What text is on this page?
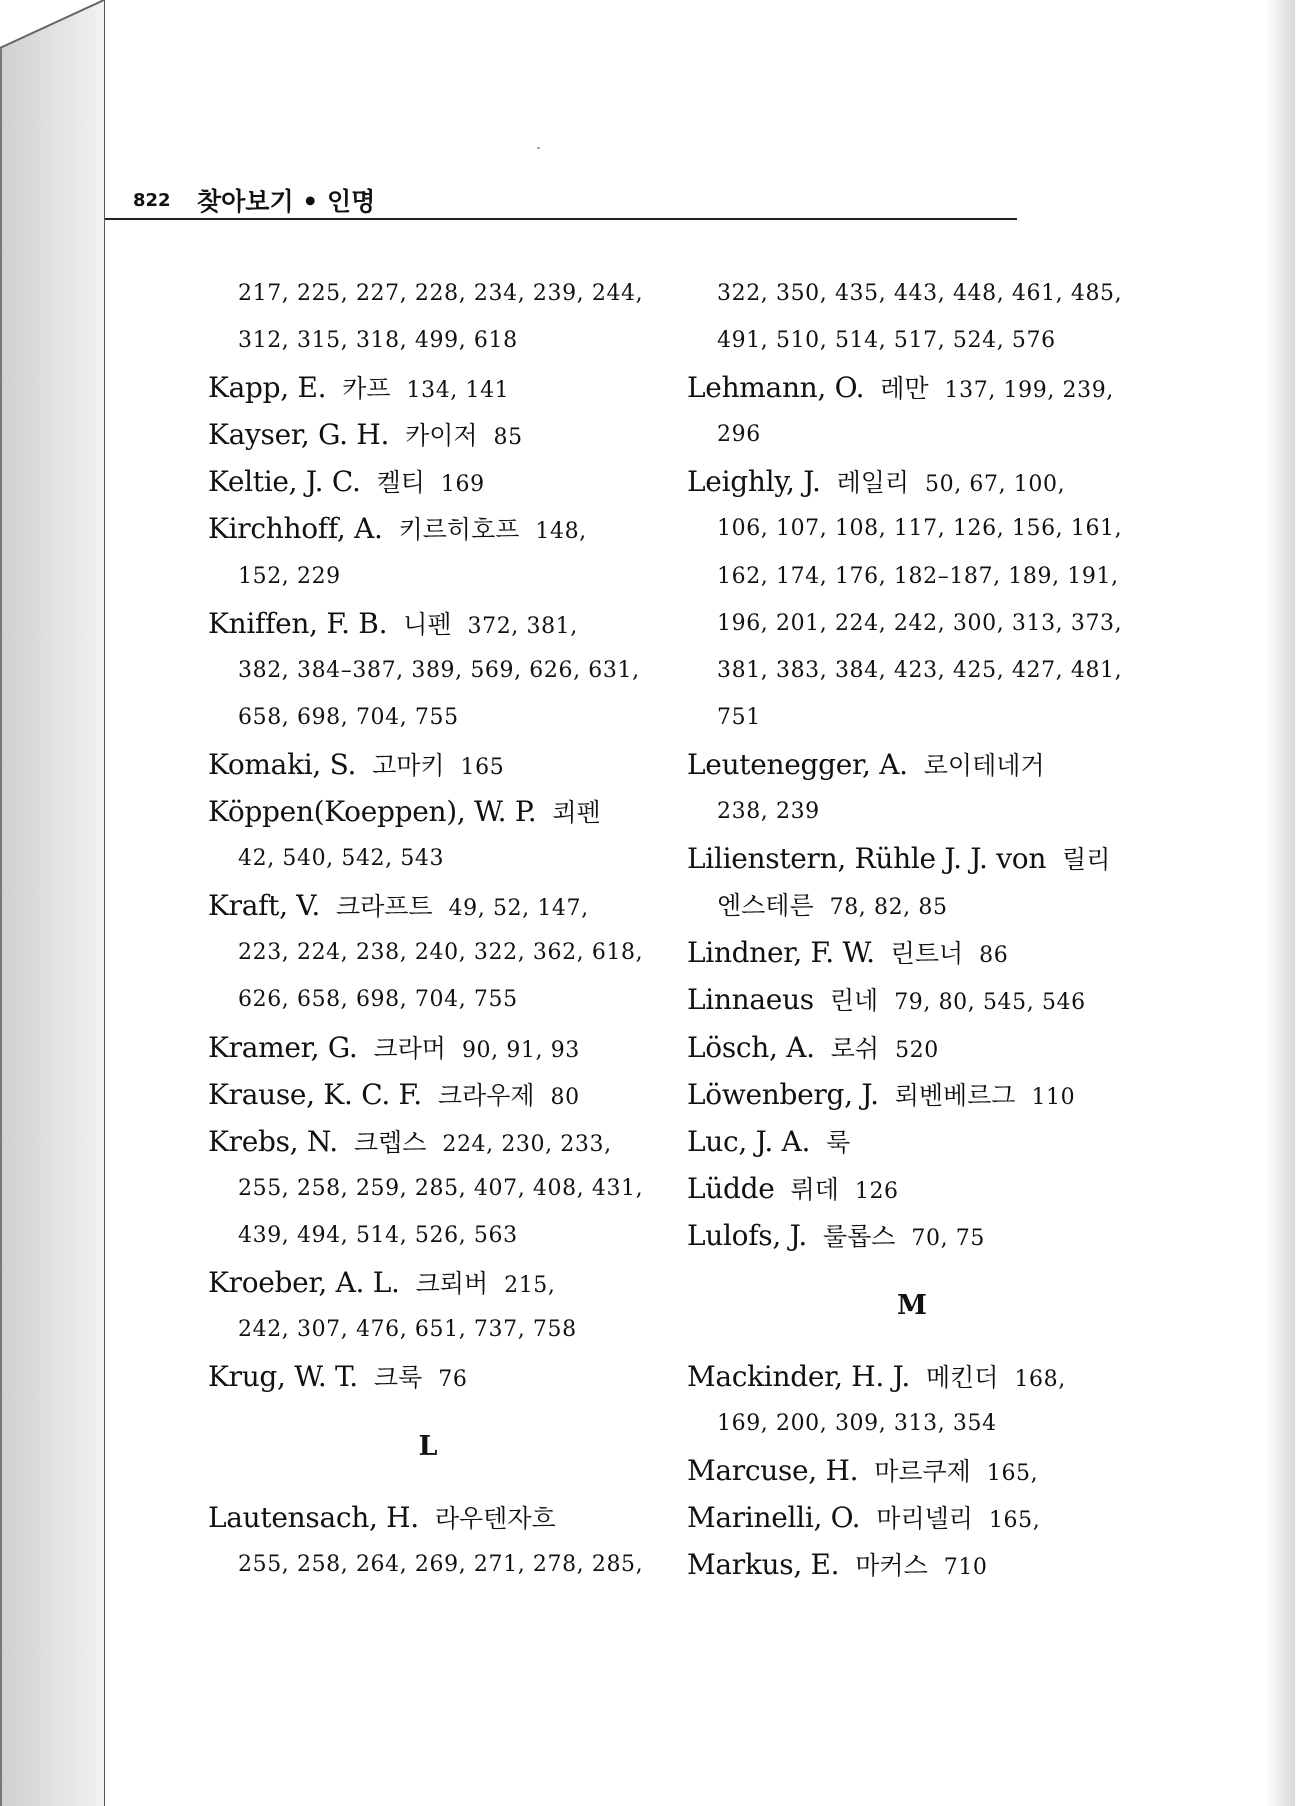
822 찾아보기 • 인명
217, 225, 227, 228, 234, 239, 244,
312, 315, 318, 499, 618
Kapp, E. 카프 134, 141
Kayser, G. H. 카이저 85
Keltie, J. C. 켈티 169
Kirchhoff, A. 키르히호프 148,
152, 229
Kniffen, F. B. 니펜 372, 381,
382, 384–387, 389, 569, 626, 631,
658, 698, 704, 755
Komaki, S. 고마키 165
Köppen(Koeppen), W. P. 쾨펜
42, 540, 542, 543
Kraft, V. 크라프트 49, 52, 147,
223, 224, 238, 240, 322, 362, 618,
626, 658, 698, 704, 755
Kramer, G. 크라머 90, 91, 93
Krause, K. C. F. 크라우제 80
Krebs, N. 크렙스 224, 230, 233,
255, 258, 259, 285, 407, 408, 431,
439, 494, 514, 526, 563
Kroeber, A. L. 크뢰버 215,
242, 307, 476, 651, 737, 758
Krug, W. T. 크룩 76
L
Lautensach, H. 라우텐자흐
255, 258, 264, 269, 271, 278, 285,
322, 350, 435, 443, 448, 461, 485,
491, 510, 514, 517, 524, 576
Lehmann, O. 레만 137, 199, 239,
296
Leighly, J. 레일리 50, 67, 100,
106, 107, 108, 117, 126, 156, 161,
162, 174, 176, 182–187, 189, 191,
196, 201, 224, 242, 300, 313, 373,
381, 383, 384, 423, 425, 427, 481,
751
Leutenegger, A. 로이테네거
238, 239
Lilienstern, Rühle J. J. von 릴리
엔스테른 78, 82, 85
Lindner, F. W. 린트너 86
Linnaeus 린네 79, 80, 545, 546
Lösch, A. 로쉬 520
Löwenberg, J. 뢰벤베르그 110
Luc, J. A. 룩
Lüdde 뤼데 126
Lulofs, J. 룰롭스 70, 75
M
Mackinder, H. J. 메킨더 168,
169, 200, 309, 313, 354
Marcuse, H. 마르쿠제 165,
Marinelli, O. 마리넬리 165,
Markus, E. 마커스 710
